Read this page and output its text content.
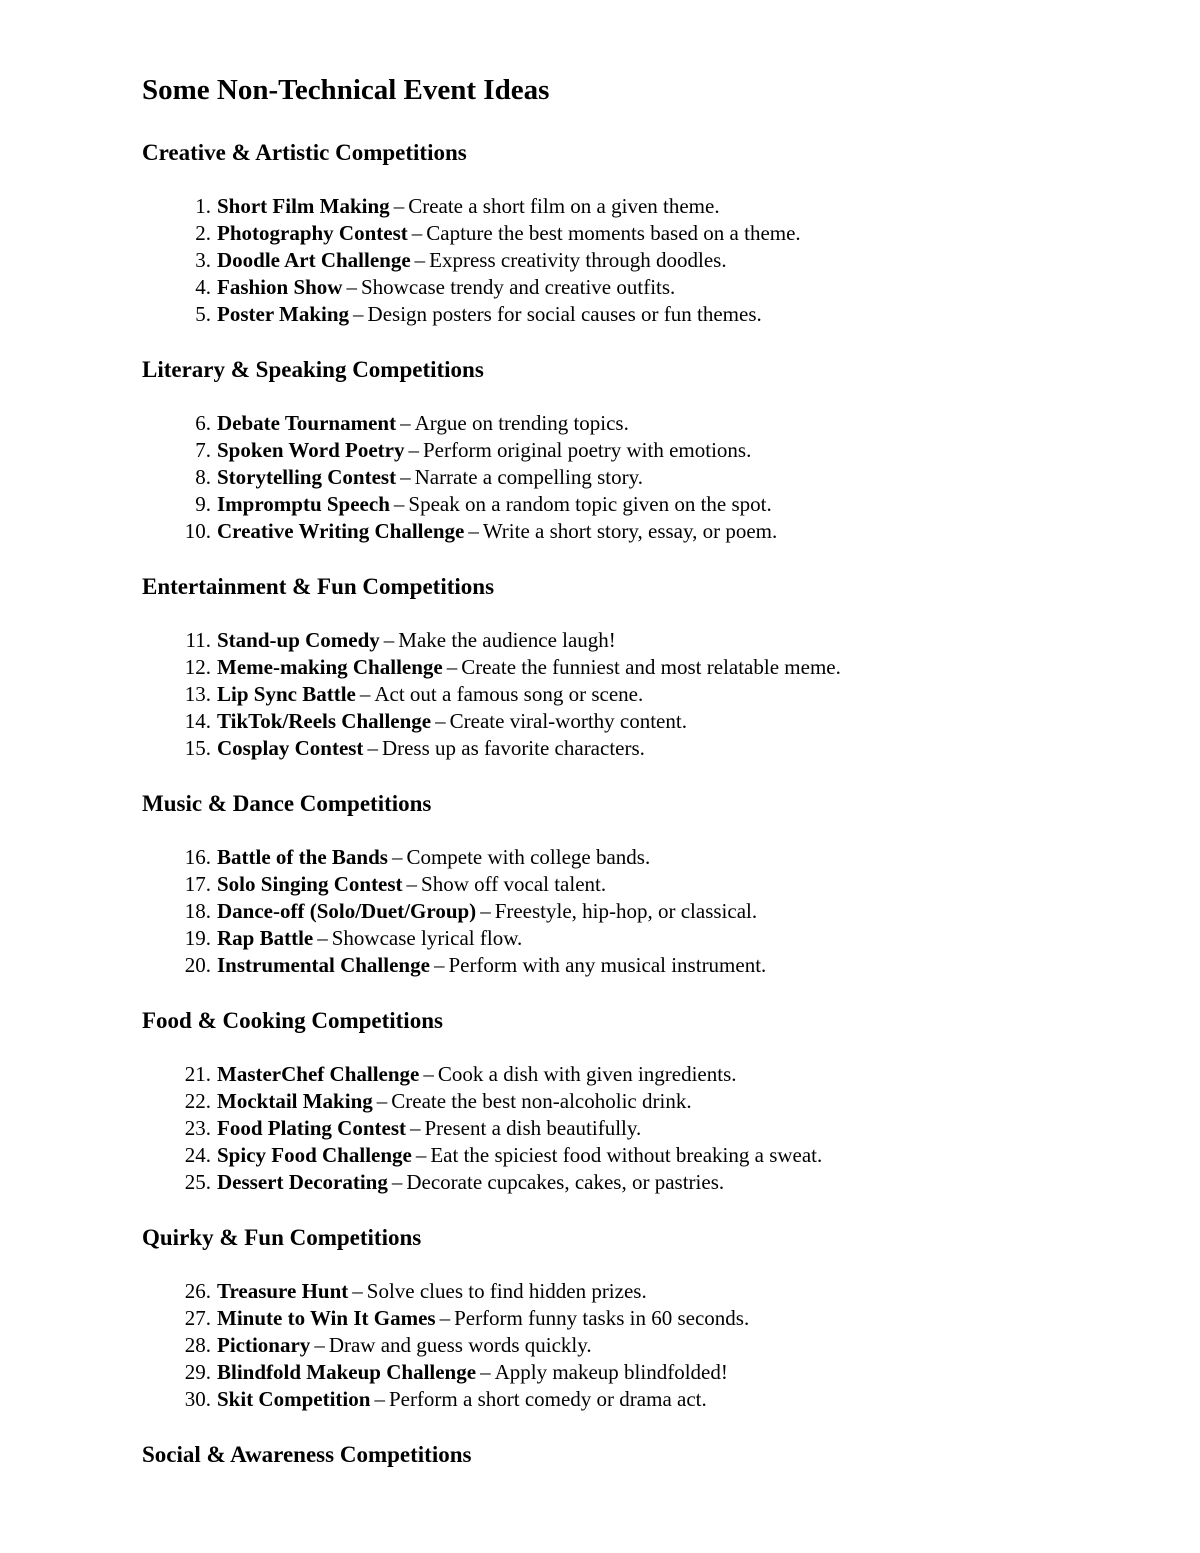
Some Non-Technical Event Ideas
Creative & Artistic Competitions
1. Short Film Making – Create a short film on a given theme.
2. Photography Contest – Capture the best moments based on a theme.
3. Doodle Art Challenge – Express creativity through doodles.
4. Fashion Show – Showcase trendy and creative outfits.
5. Poster Making – Design posters for social causes or fun themes.
Literary & Speaking Competitions
6. Debate Tournament – Argue on trending topics.
7. Spoken Word Poetry – Perform original poetry with emotions.
8. Storytelling Contest – Narrate a compelling story.
9. Impromptu Speech – Speak on a random topic given on the spot.
10. Creative Writing Challenge – Write a short story, essay, or poem.
Entertainment & Fun Competitions
11. Stand-up Comedy – Make the audience laugh!
12. Meme-making Challenge – Create the funniest and most relatable meme.
13. Lip Sync Battle – Act out a famous song or scene.
14. TikTok/Reels Challenge – Create viral-worthy content.
15. Cosplay Contest – Dress up as favorite characters.
Music & Dance Competitions
16. Battle of the Bands – Compete with college bands.
17. Solo Singing Contest – Show off vocal talent.
18. Dance-off (Solo/Duet/Group) – Freestyle, hip-hop, or classical.
19. Rap Battle – Showcase lyrical flow.
20. Instrumental Challenge – Perform with any musical instrument.
Food & Cooking Competitions
21. MasterChef Challenge – Cook a dish with given ingredients.
22. Mocktail Making – Create the best non-alcoholic drink.
23. Food Plating Contest – Present a dish beautifully.
24. Spicy Food Challenge – Eat the spiciest food without breaking a sweat.
25. Dessert Decorating – Decorate cupcakes, cakes, or pastries.
Quirky & Fun Competitions
26. Treasure Hunt – Solve clues to find hidden prizes.
27. Minute to Win It Games – Perform funny tasks in 60 seconds.
28. Pictionary – Draw and guess words quickly.
29. Blindfold Makeup Challenge – Apply makeup blindfolded!
30. Skit Competition – Perform a short comedy or drama act.
Social & Awareness Competitions
